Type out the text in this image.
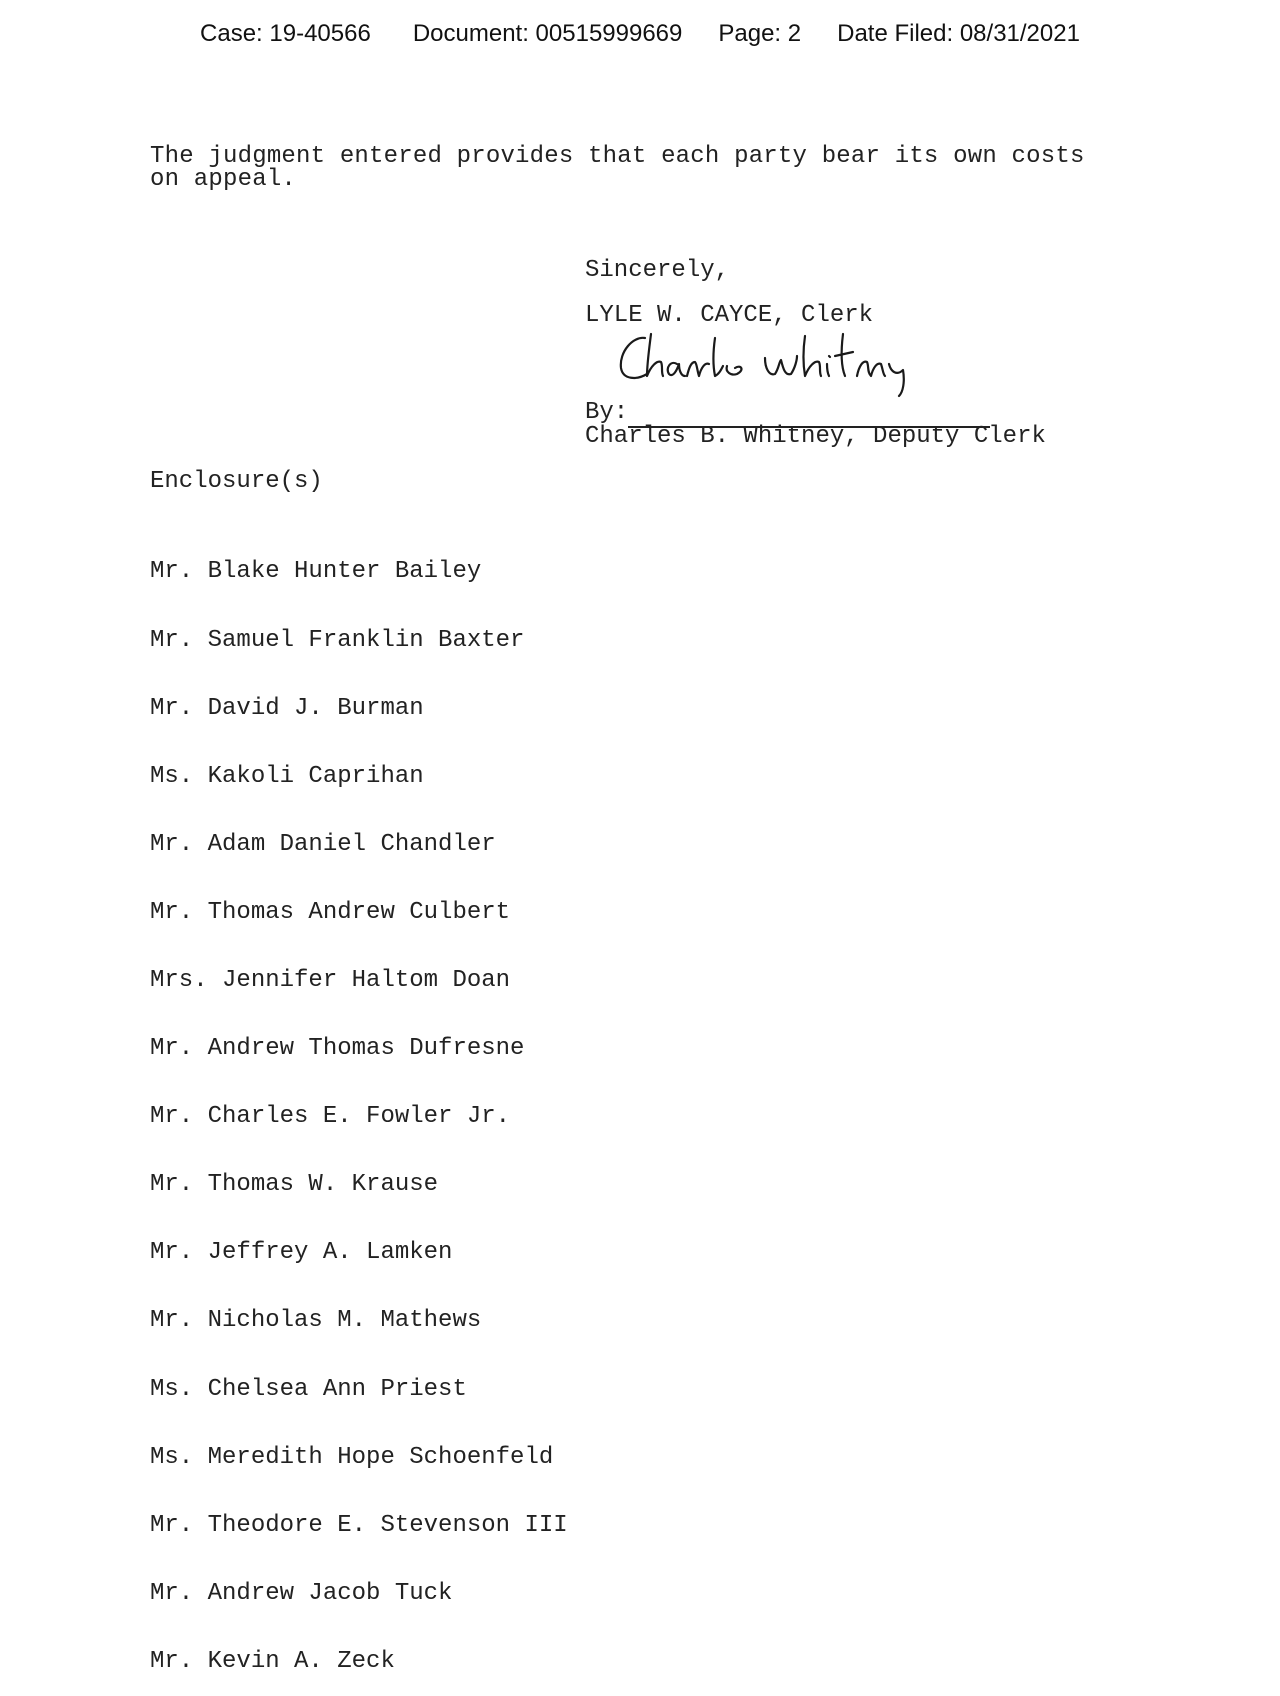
Case: 19-40566 Document: 00515999669 Page: 2 Date Filed: 08/31/2021
The judgment entered provides that each party bear its own costs
on appeal.
Sincerely,
LYLE W. CAYCE, Clerk
By:
Charles B. Whitney, Deputy Clerk
Enclosure(s)

Mr. Blake Hunter Bailey

Mr. Samuel Franklin Baxter

Mr. David J. Burman

Ms. Kakoli Caprihan

Mr. Adam Daniel Chandler

Mr. Thomas Andrew Culbert

Mrs. Jennifer Haltom Doan

Mr. Andrew Thomas Dufresne

Mr. Charles E. Fowler Jr.

Mr. Thomas W. Krause

Mr. Jeffrey A. Lamken

Mr. Nicholas M. Mathews

Ms. Chelsea Ann Priest

Ms. Meredith Hope Schoenfeld

Mr. Theodore E. Stevenson III

Mr. Andrew Jacob Tuck

Mr. Kevin A. Zeck
